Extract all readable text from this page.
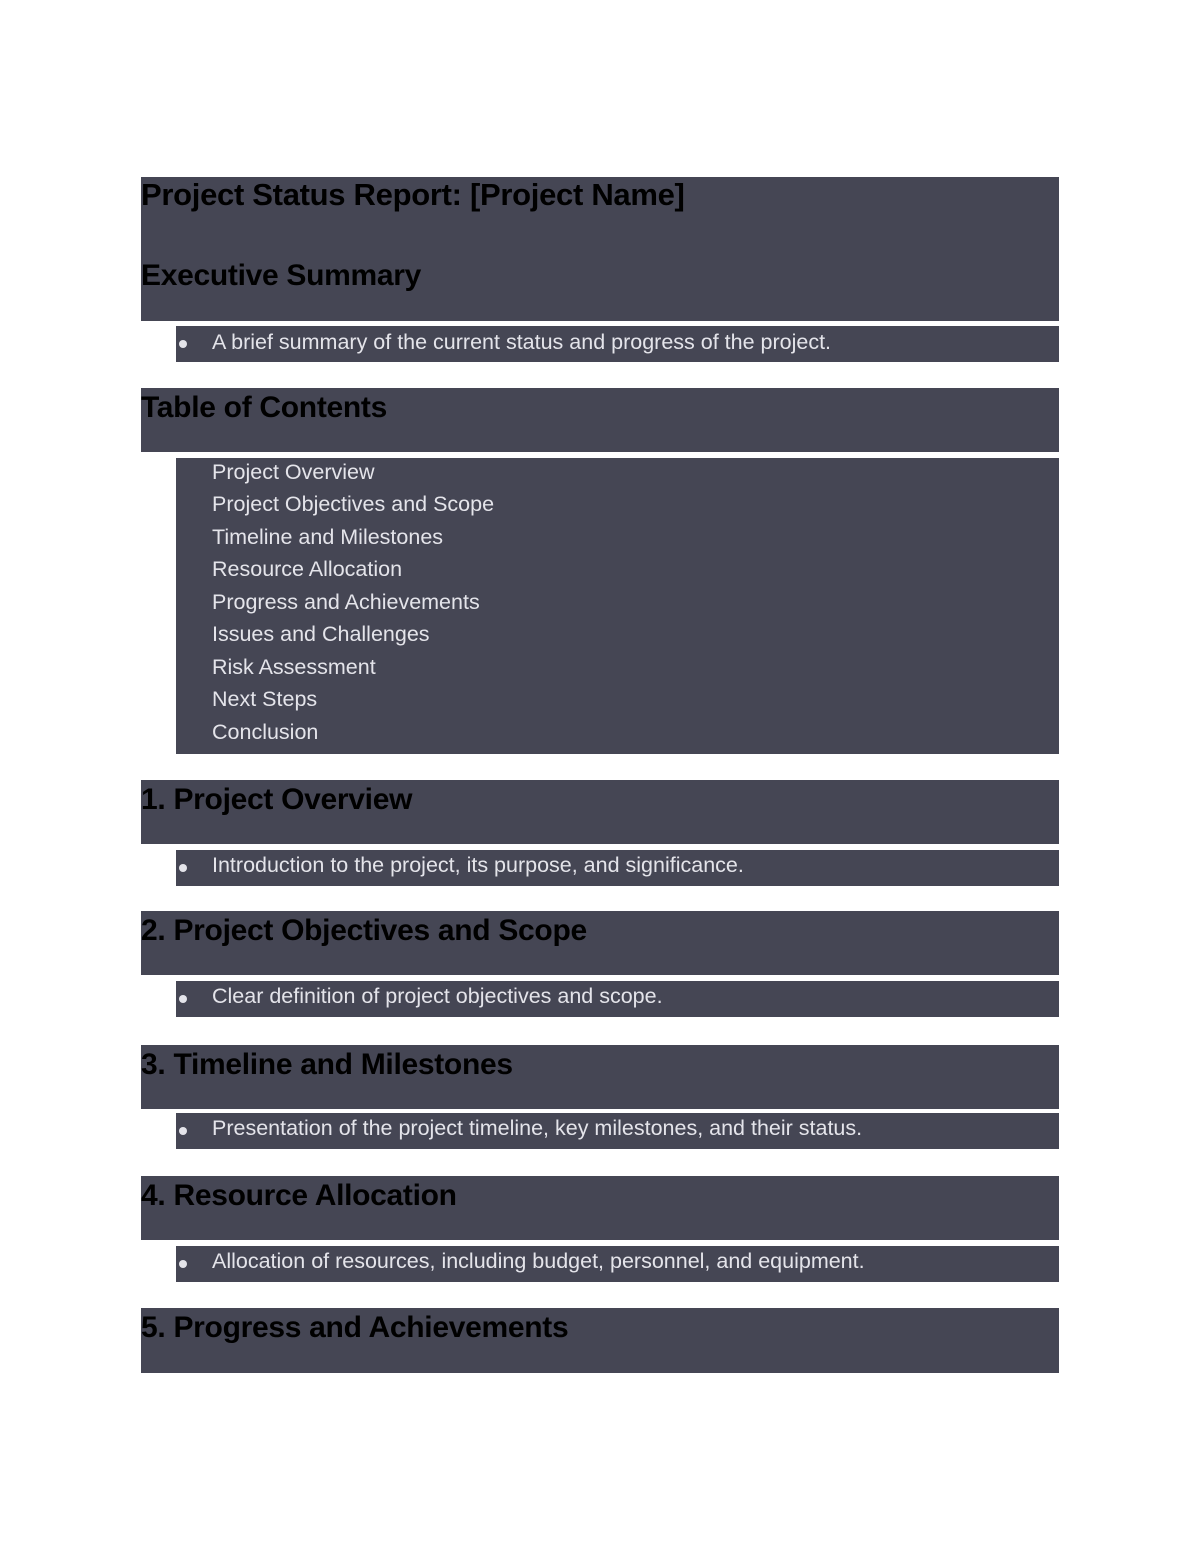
Project Status Report: [Project Name]
Executive Summary
A brief summary of the current status and progress of the project.
Table of Contents
Project Overview
Project Objectives and Scope
Timeline and Milestones
Resource Allocation
Progress and Achievements
Issues and Challenges
Risk Assessment
Next Steps
Conclusion
1. Project Overview
Introduction to the project, its purpose, and significance.
2. Project Objectives and Scope
Clear definition of project objectives and scope.
3. Timeline and Milestones
Presentation of the project timeline, key milestones, and their status.
4. Resource Allocation
Allocation of resources, including budget, personnel, and equipment.
5. Progress and Achievements
